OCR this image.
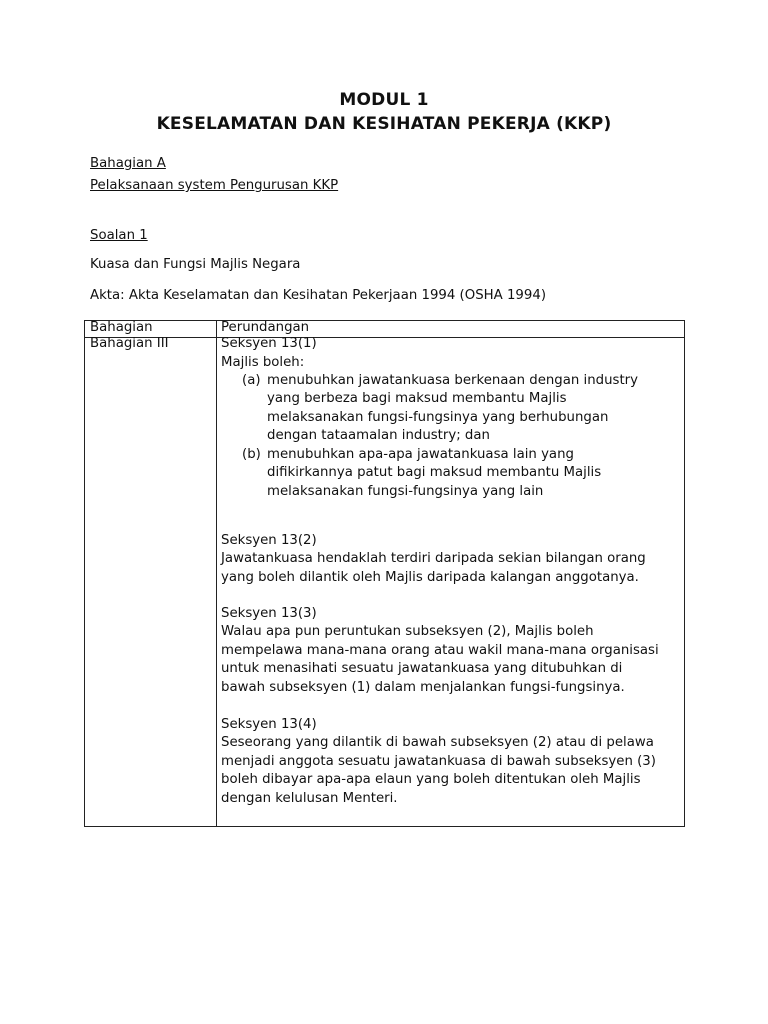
MODUL 1
KESELAMATAN DAN KESIHATAN PEKERJA (KKP)
Bahagian A
Pelaksanaan system Pengurusan KKP
Soalan 1
Kuasa dan Fungsi Majlis Negara
Akta: Akta Keselamatan dan Kesihatan Pekerjaan 1994 (OSHA 1994)
Bahagian	Perundangan
Bahagian III	Seksyen 13(1)
Majlis boleh:
(a) menubuhkan jawatankuasa berkenaan dengan industry
yang berbeza bagi maksud membantu Majlis
melaksanakan fungsi-fungsinya yang berhubungan
dengan tataamalan industry; dan
(b) menubuhkan apa-apa jawatankuasa lain yang
difikirkannya patut bagi maksud membantu Majlis
melaksanakan fungsi-fungsinya yang lain
Seksyen 13(2)
Jawatankuasa hendaklah terdiri daripada sekian bilangan orang
yang boleh dilantik oleh Majlis daripada kalangan anggotanya.
Seksyen 13(3)
Walau apa pun peruntukan subseksyen (2), Majlis boleh
mempelawa mana-mana orang atau wakil mana-mana organisasi
untuk menasihati sesuatu jawatankuasa yang ditubuhkan di
bawah subseksyen (1) dalam menjalankan fungsi-fungsinya.
Seksyen 13(4)
Seseorang yang dilantik di bawah subseksyen (2) atau di pelawa
menjadi anggota sesuatu jawatankuasa di bawah subseksyen (3)
boleh dibayar apa-apa elaun yang boleh ditentukan oleh Majlis
dengan kelulusan Menteri.
